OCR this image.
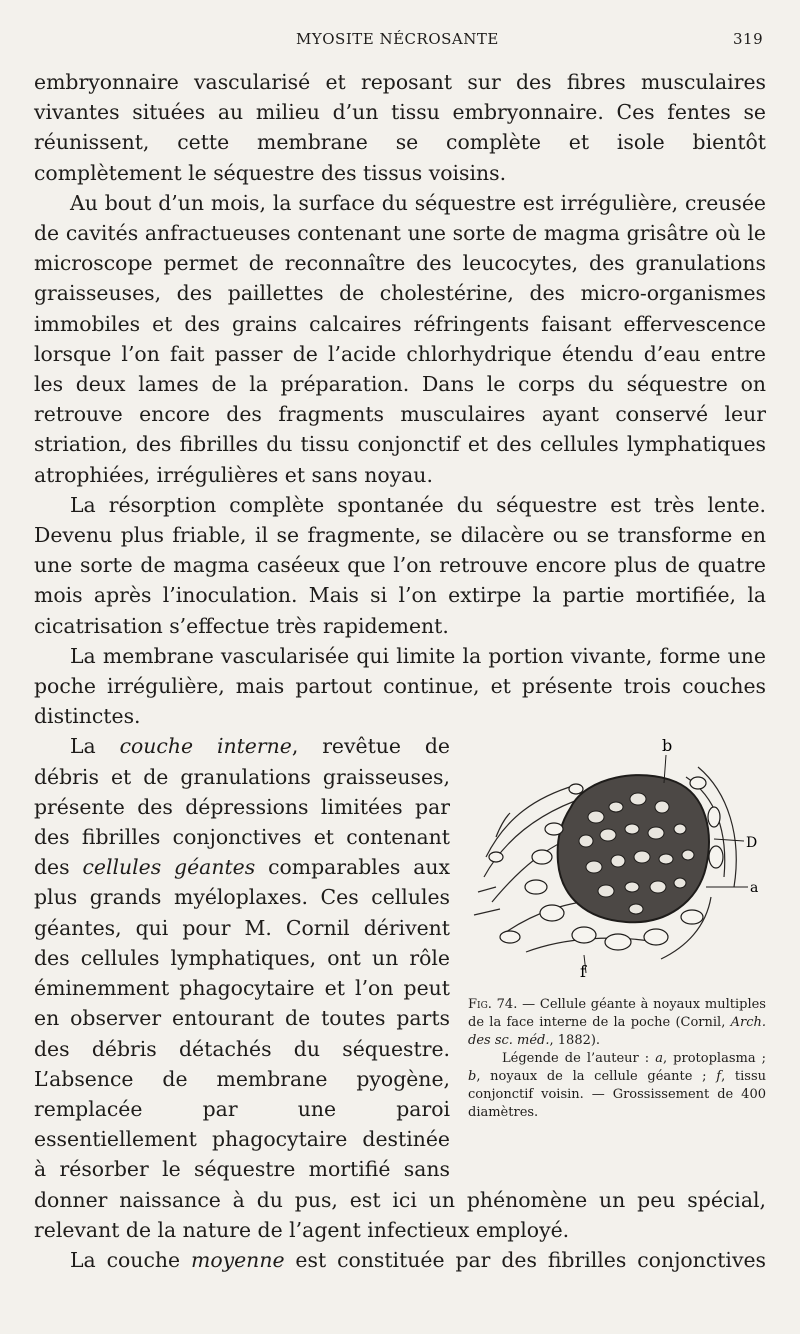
MYOSITE NÉCROSANTE	319

embryonnaire vascularisé et reposant sur des fibres musculaires vivantes situées au milieu d’un tissu embryonnaire. Ces fentes se réunissent, cette membrane se complète et isole bientôt complètement le séquestre des tissus voisins.

Au bout d’un mois, la surface du séquestre est irrégulière, creusée de cavités anfractueuses contenant une sorte de magma grisâtre où le microscope permet de reconnaître des leucocytes, des granulations graisseuses, des paillettes de cholestérine, des micro-organismes immobiles et des grains calcaires réfringents faisant effervescence lorsque l’on fait passer de l’acide chlorhydrique étendu d’eau entre les deux lames de la préparation. Dans le corps du séquestre on retrouve encore des fragments musculaires ayant conservé leur striation, des fibrilles du tissu conjonctif et des cellules lymphatiques atrophiées, irrégulières et sans noyau.

La résorption complète spontanée du séquestre est très lente. Devenu plus friable, il se fragmente, se dilacère ou se transforme en une sorte de magma caséeux que l’on retrouve encore plus de quatre mois après l’inoculation. Mais si l’on extirpe la partie mortifiée, la cicatrisation s’effectue très rapidement.

La membrane vascularisée qui limite la portion vivante, forme une poche irrégulière, mais partout continue, et présente trois couches distinctes.

b
D
a
f
Fig. 74. — Cellule géante à noyaux multiples de la face interne de la poche (Cornil, Arch. des sc. méd., 1882).
Légende de l’auteur : a, protoplasma ; b, noyaux de la cellule géante ; f, tissu conjonctif voisin. — Grossissement de 400 diamètres.

La couche interne, revêtue de débris et de granulations graisseuses, présente des dépressions limitées par des fibrilles conjonctives et contenant des cellules géantes comparables aux plus grands myéloplaxes. Ces cellules géantes, qui pour M. Cornil dérivent des cellules lymphatiques, ont un rôle éminemment phagocytaire et l’on peut en observer entourant de toutes parts des débris détachés du séquestre. L’absence de membrane pyogène, remplacée par une paroi essentiellement phagocytaire destinée à résorber le séquestre mortifié sans donner naissance à du pus, est ici un phénomène un peu spécial, relevant de la nature de l’agent infectieux employé.

La couche moyenne est constituée par des fibrilles conjonctives
